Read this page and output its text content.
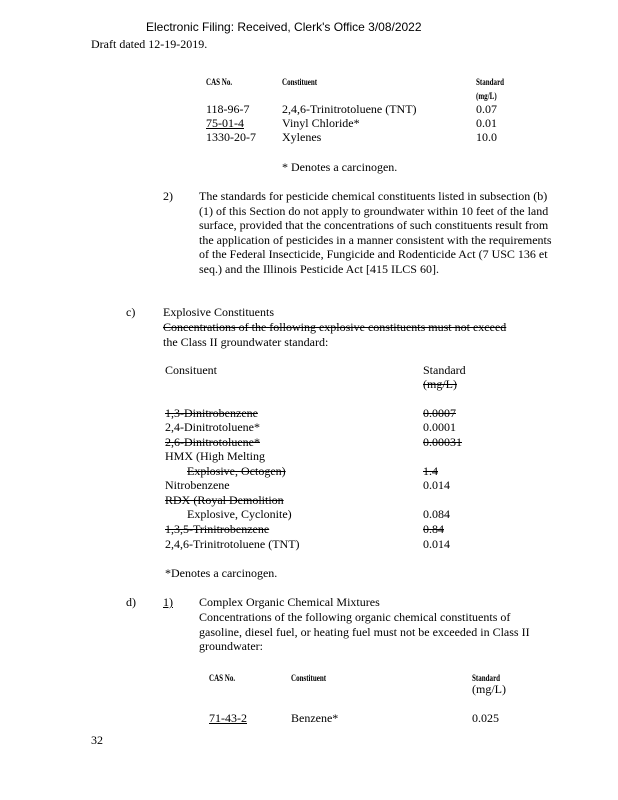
Electronic Filing: Received, Clerk's Office 3/08/2022
Draft dated 12-19-2019.
CAS No.	Constituent	Standard
(mg/L)
118-96-7	2,4,6-Trinitrotoluene (TNT)	0.07
75-01-4	Vinyl Chloride*	0.01
1330-20-7 Xylenes	10.0
* Denotes a carcinogen.
2) The standards for pesticide chemical constituents listed in subsection (b)(1) of this Section do not apply to groundwater within 10 feet of the land surface, provided that the concentrations of such constituents result from the application of pesticides in a manner consistent with the requirements of the Federal Insecticide, Fungicide and Rodenticide Act (7 USC 136 et seq.) and the Illinois Pesticide Act [415 ILCS 60].
c) Explosive Constituents
Concentrations of the following explosive constituents must not exceed
the Class II groundwater standard:
Consituent	Standard
(mg/L)
1,3-Dinitrobenzene	0.0007
2,4-Dinitrotoluene*	0.0001
2,6-Dinitrotoluene*	0.00031
HMX (High Melting
Explosive, Octogen)	1.4
Nitrobenzene	0.014
RDX (Royal Demolition
Explosive, Cyclonite)	0.084
1,3,5-Trinitrobenzene	0.84
2,4,6-Trinitrotoluene (TNT)	0.014
*Denotes a carcinogen.
d) 1) Complex Organic Chemical Mixtures
Concentrations of the following organic chemical constituents of gasoline, diesel fuel, or heating fuel must not be exceeded in Class II groundwater:
CAS No.	Constituent	Standard
(mg/L)
71-43-2	Benzene*	0.025
32
